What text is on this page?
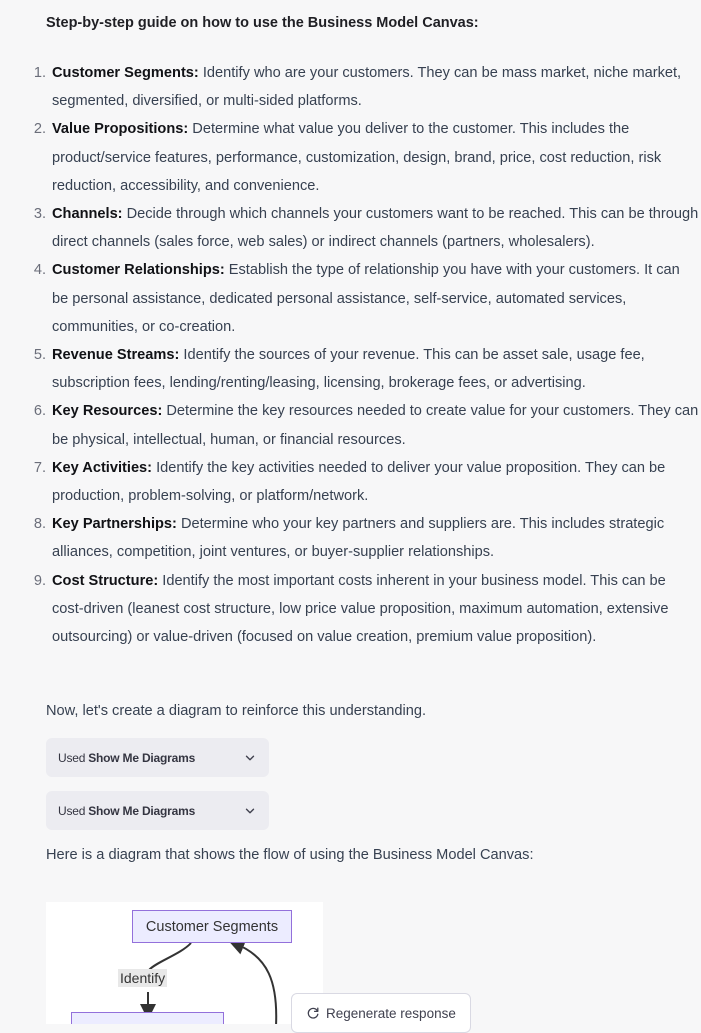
Step-by-step guide on how to use the Business Model Canvas:
1. Customer Segments: Identify who are your customers. They can be mass market, niche market, segmented, diversified, or multi-sided platforms.
2. Value Propositions: Determine what value you deliver to the customer. This includes the product/service features, performance, customization, design, brand, price, cost reduction, risk reduction, accessibility, and convenience.
3. Channels: Decide through which channels your customers want to be reached. This can be through direct channels (sales force, web sales) or indirect channels (partners, wholesalers).
4. Customer Relationships: Establish the type of relationship you have with your customers. It can be personal assistance, dedicated personal assistance, self-service, automated services, communities, or co-creation.
5. Revenue Streams: Identify the sources of your revenue. This can be asset sale, usage fee, subscription fees, lending/renting/leasing, licensing, brokerage fees, or advertising.
6. Key Resources: Determine the key resources needed to create value for your customers. They can be physical, intellectual, human, or financial resources.
7. Key Activities: Identify the key activities needed to deliver your value proposition. They can be production, problem-solving, or platform/network.
8. Key Partnerships: Determine who your key partners and suppliers are. This includes strategic alliances, competition, joint ventures, or buyer-supplier relationships.
9. Cost Structure: Identify the most important costs inherent in your business model. This can be cost-driven (leanest cost structure, low price value proposition, maximum automation, extensive outsourcing) or value-driven (focused on value creation, premium value proposition).
Now, let's create a diagram to reinforce this understanding.
Used Show Me Diagrams
Used Show Me Diagrams
Here is a diagram that shows the flow of using the Business Model Canvas:
Customer Segments
Identify
Regenerate response
